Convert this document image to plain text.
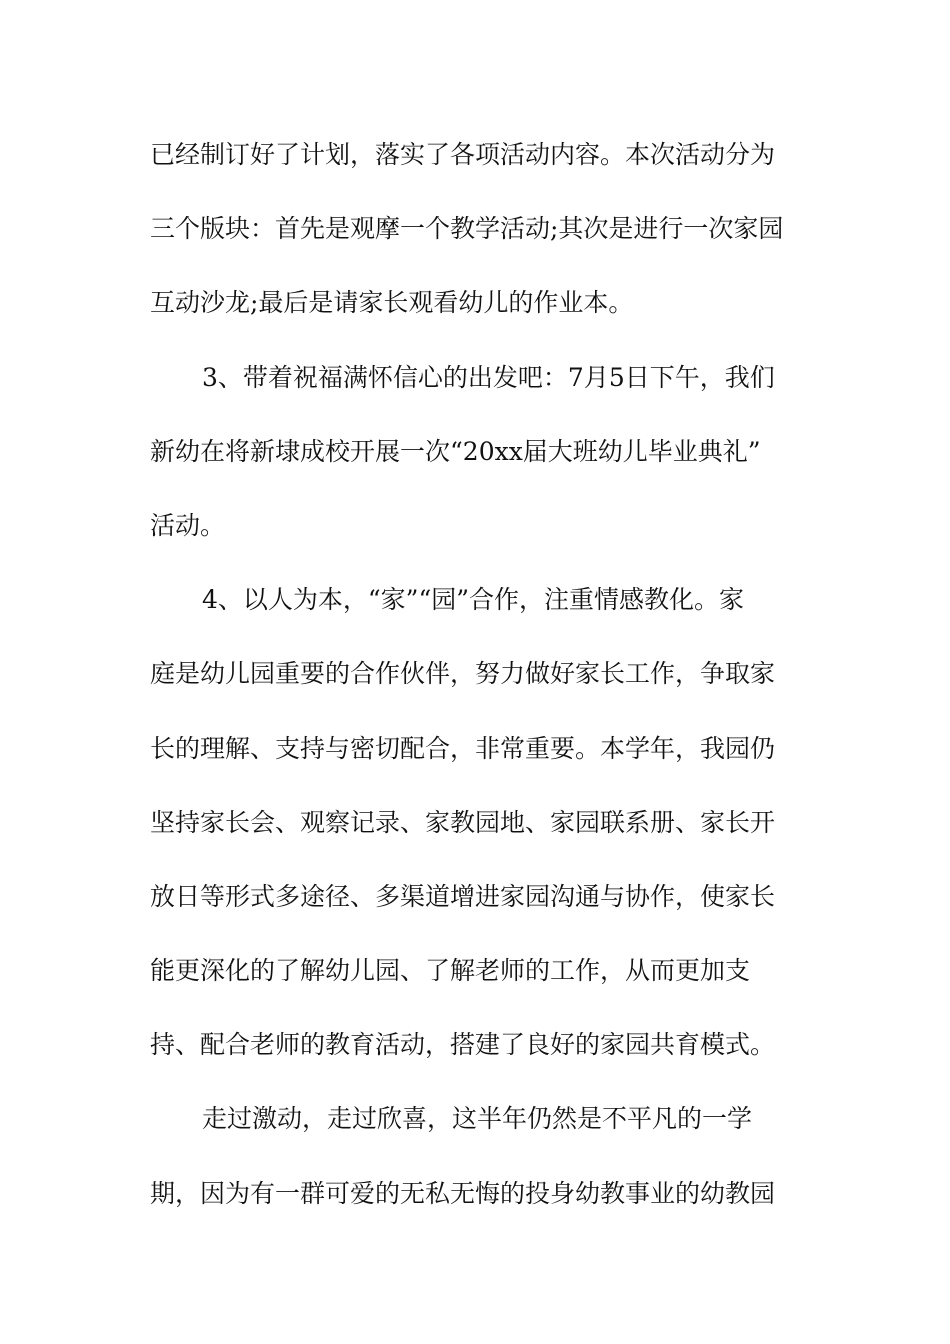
已经制订好了计划，落实了各项活动内容。本次活动分为
三个版块：首先是观摩一个教学活动;其次是进行一次家园
互动沙龙;最后是请家长观看幼儿的作业本。
3、带着祝福满怀信心的出发吧：7月5日下午，我们
新幼在将新埭成校开展一次“20xx届大班幼儿毕业典礼”
活动。
4、以人为本，“家”“园”合作，注重情感教化。家
庭是幼儿园重要的合作伙伴，努力做好家长工作，争取家
长的理解、支持与密切配合，非常重要。本学年，我园仍
坚持家长会、观察记录、家教园地、家园联系册、家长开
放日等形式多途径、多渠道增进家园沟通与协作，使家长
能更深化的了解幼儿园、了解老师的工作，从而更加支
持、配合老师的教育活动，搭建了良好的家园共育模式。
走过激动，走过欣喜，这半年仍然是不平凡的一学
期，因为有一群可爱的无私无悔的投身幼教事业的幼教园
